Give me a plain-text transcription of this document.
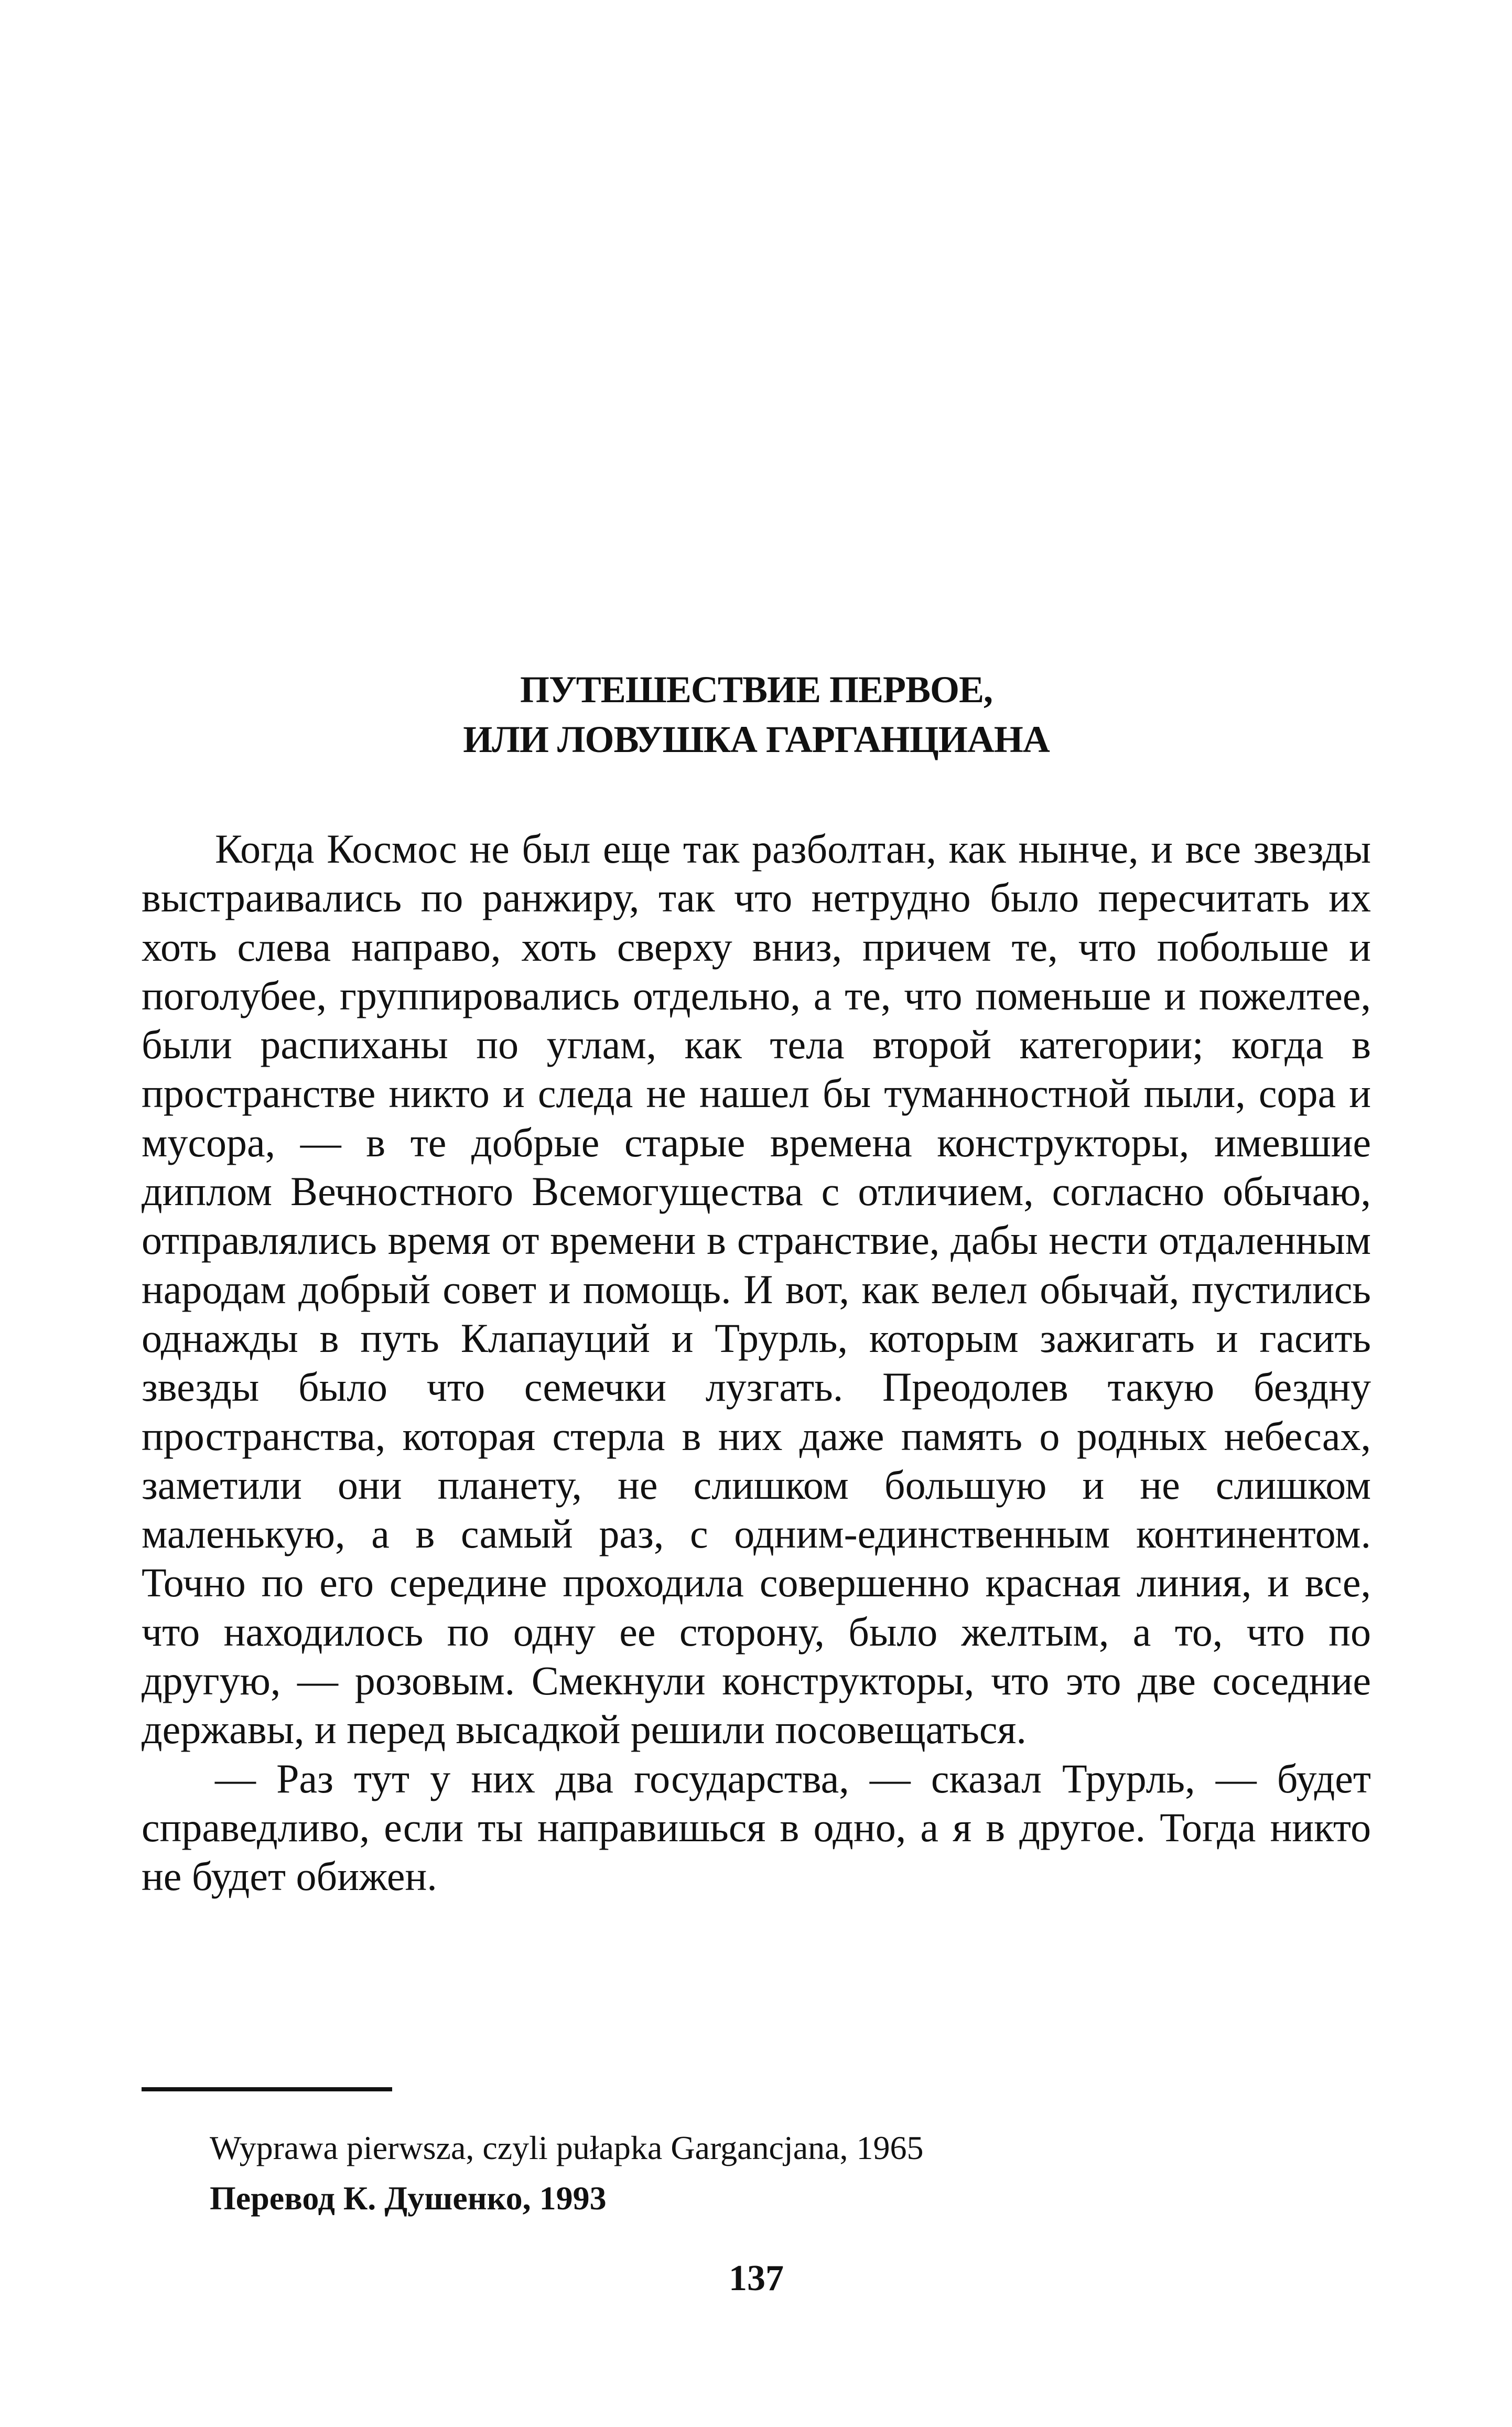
ПУТЕШЕСТВИЕ ПЕРВОЕ,
ИЛИ ЛОВУШКА ГАРГАНЦИАНА

Когда Космос не был еще так разболтан, как нынче, и все звезды выстраивались по ранжиру, так что нетрудно было пересчитать их хоть слева направо, хоть сверху вниз, причем те, что побольше и поголубее, группировались отдельно, а те, что поменьше и пожелтее, были распиханы по углам, как тела второй категории; когда в пространстве никто и следа не нашел бы туманностной пыли, сора и мусора, — в те добрые старые времена конструкторы, имевшие диплом Вечностного Всемогущества с отличием, согласно обычаю, отправлялись время от времени в странствие, дабы нести отдаленным народам добрый совет и помощь. И вот, как велел обычай, пустились однажды в путь Клапауций и Трурль, которым зажигать и гасить звезды было что семечки лузгать. Преодолев такую бездну пространства, которая стерла в них даже память о родных небесах, заметили они планету, не слишком большую и не слишком маленькую, а в самый раз, с одним-единственным континентом. Точно по его середине проходила совершенно красная линия, и все, что находилось по одну ее сторону, было желтым, а то, что по другую, — розовым. Смекнули конструкторы, что это две соседние державы, и перед высадкой решили посовещаться.

— Раз тут у них два государства, — сказал Трурль, — будет справедливо, если ты направишься в одно, а я в другое. Тогда никто не будет обижен.

Wyprawa pierwsza, czyli pułapka Gargancjana, 1965
Перевод К. Душенко, 1993
137
